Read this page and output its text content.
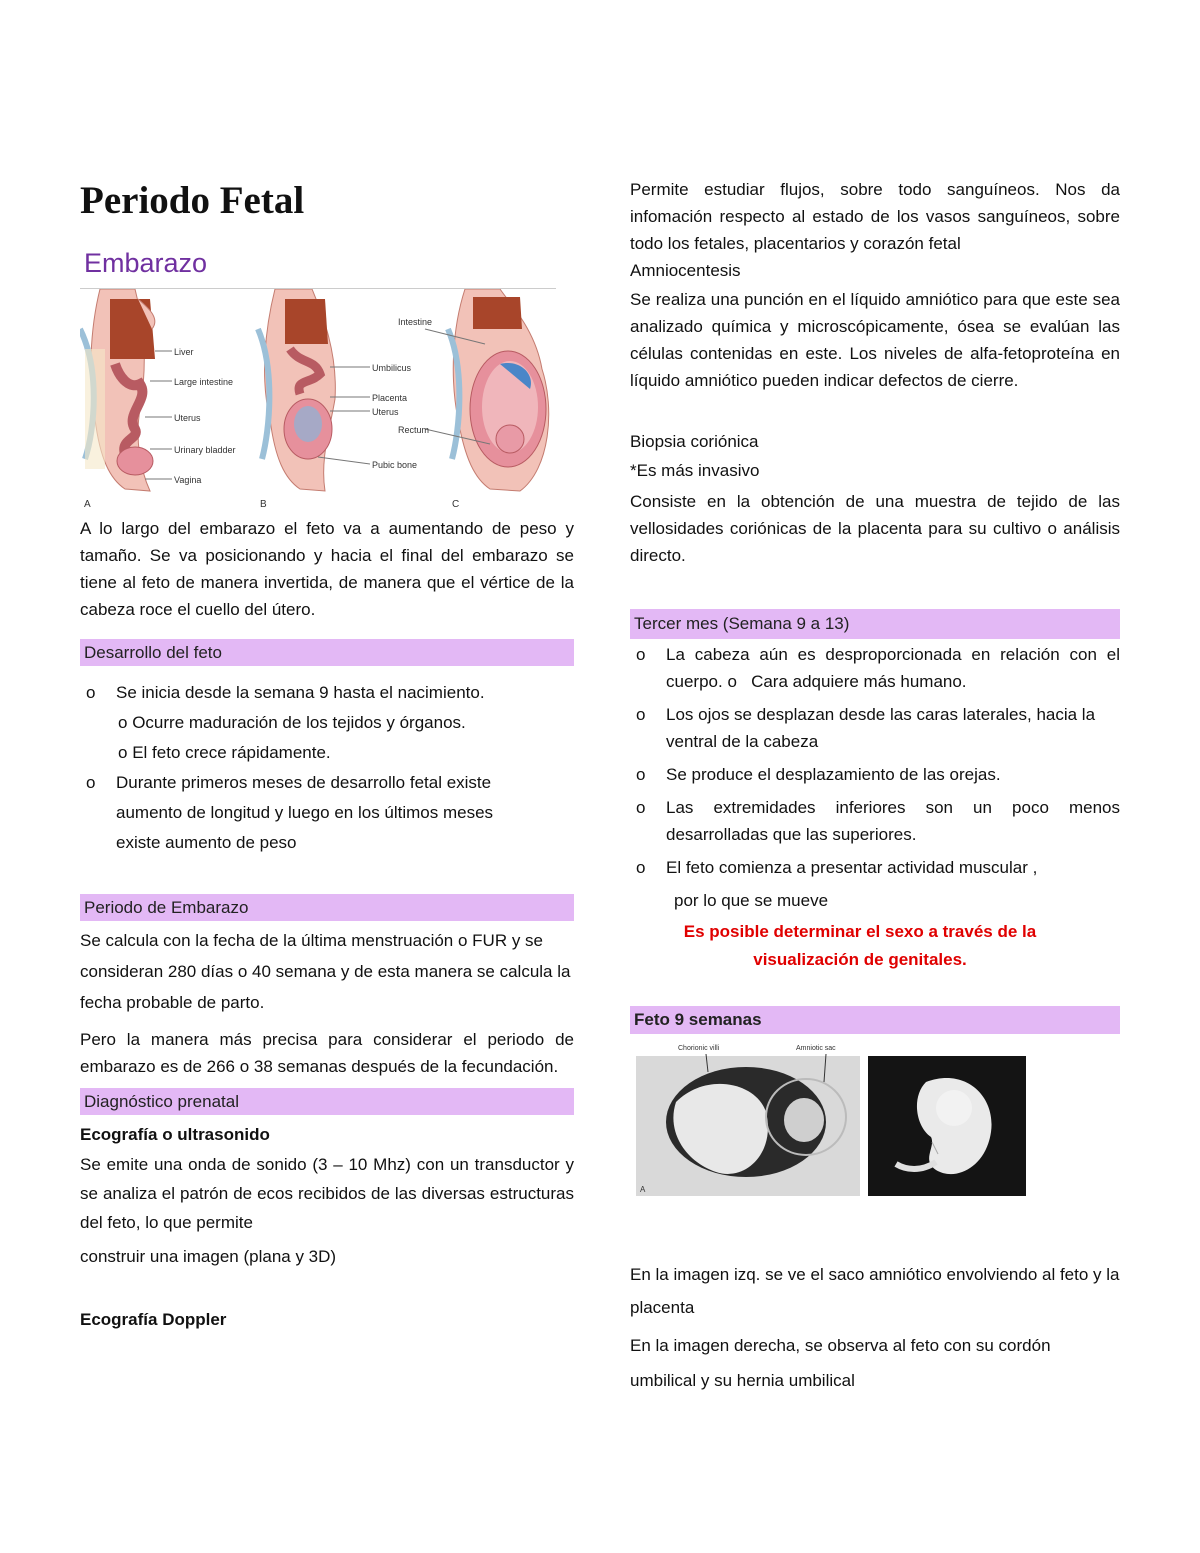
Periodo Fetal
Embarazo
Liver
Large intestine
Uterus
Urinary bladder
Vagina
A
Umbilicus
Placenta
Uterus
Pubic bone
B
Intestine
Rectum
C

A lo largo del embarazo el feto va a aumentando de peso y tamaño. Se va posicionando y hacia el final del embarazo se tiene al feto de manera invertida, de manera que el vértice de la cabeza roce el cuello del útero.

Desarrollo del feto
o Se inicia desde la semana 9 hasta el nacimiento.
o Ocurre maduración de los tejidos y órganos.
o El feto crece rápidamente.
o Durante primeros meses de desarrollo fetal existe aumento de longitud y luego en los últimos meses existe aumento de peso
Periodo de Embarazo

Se calcula con la fecha de la última menstruación o FUR y se consideran 280 días o 40 semana y de esta manera se calcula la fecha probable de parto.

Pero la manera más precisa para considerar el periodo de embarazo es de 266 o 38 semanas después de la fecundación.

Diagnóstico prenatal

Ecografía o ultrasonido

Se emite una onda de sonido (3 – 10 Mhz) con un transductor y se analiza el patrón de ecos recibidos de las diversas estructuras del feto, lo que permite

construir una imagen (plana y 3D)

Ecografía Doppler

Permite estudiar flujos, sobre todo sanguíneos. Nos da infomación respecto al estado de los vasos sanguíneos, sobre todo los fetales, placentarios y corazón fetal

Amniocentesis

Se realiza una punción en el líquido amniótico para que este sea analizado química y microscópicamente, ósea se evalúan las células contenidas en este. Los niveles de alfa-fetoproteína en líquido amniótico pueden indicar defectos de cierre.

Biopsia coriónica

*Es más invasivo

Consiste en la obtención de una muestra de tejido de las vellosidades coriónicas de la placenta para su cultivo o análisis directo.

Tercer mes (Semana 9 a 13)
o La cabeza aún es desproporcionada en relación con el cuerpo. o Cara adquiere más humano.
o Los ojos se desplazan desde las caras laterales, hacia la ventral de la cabeza
o Se produce el desplazamiento de las orejas.
o Las extremidades inferiores son un poco menos desarrolladas que las superiores.
o El feto comienza a presentar actividad muscular ,

por lo que se mueve

Es posible determinar el sexo a través de la visualización de genitales.

Feto 9 semanas
Chorionic villi	Amniotic sac
A

En la imagen izq. se ve el saco amniótico envolviendo al feto y la placenta

En la imagen derecha, se observa al feto con su cordón umbilical y su hernia umbilical
